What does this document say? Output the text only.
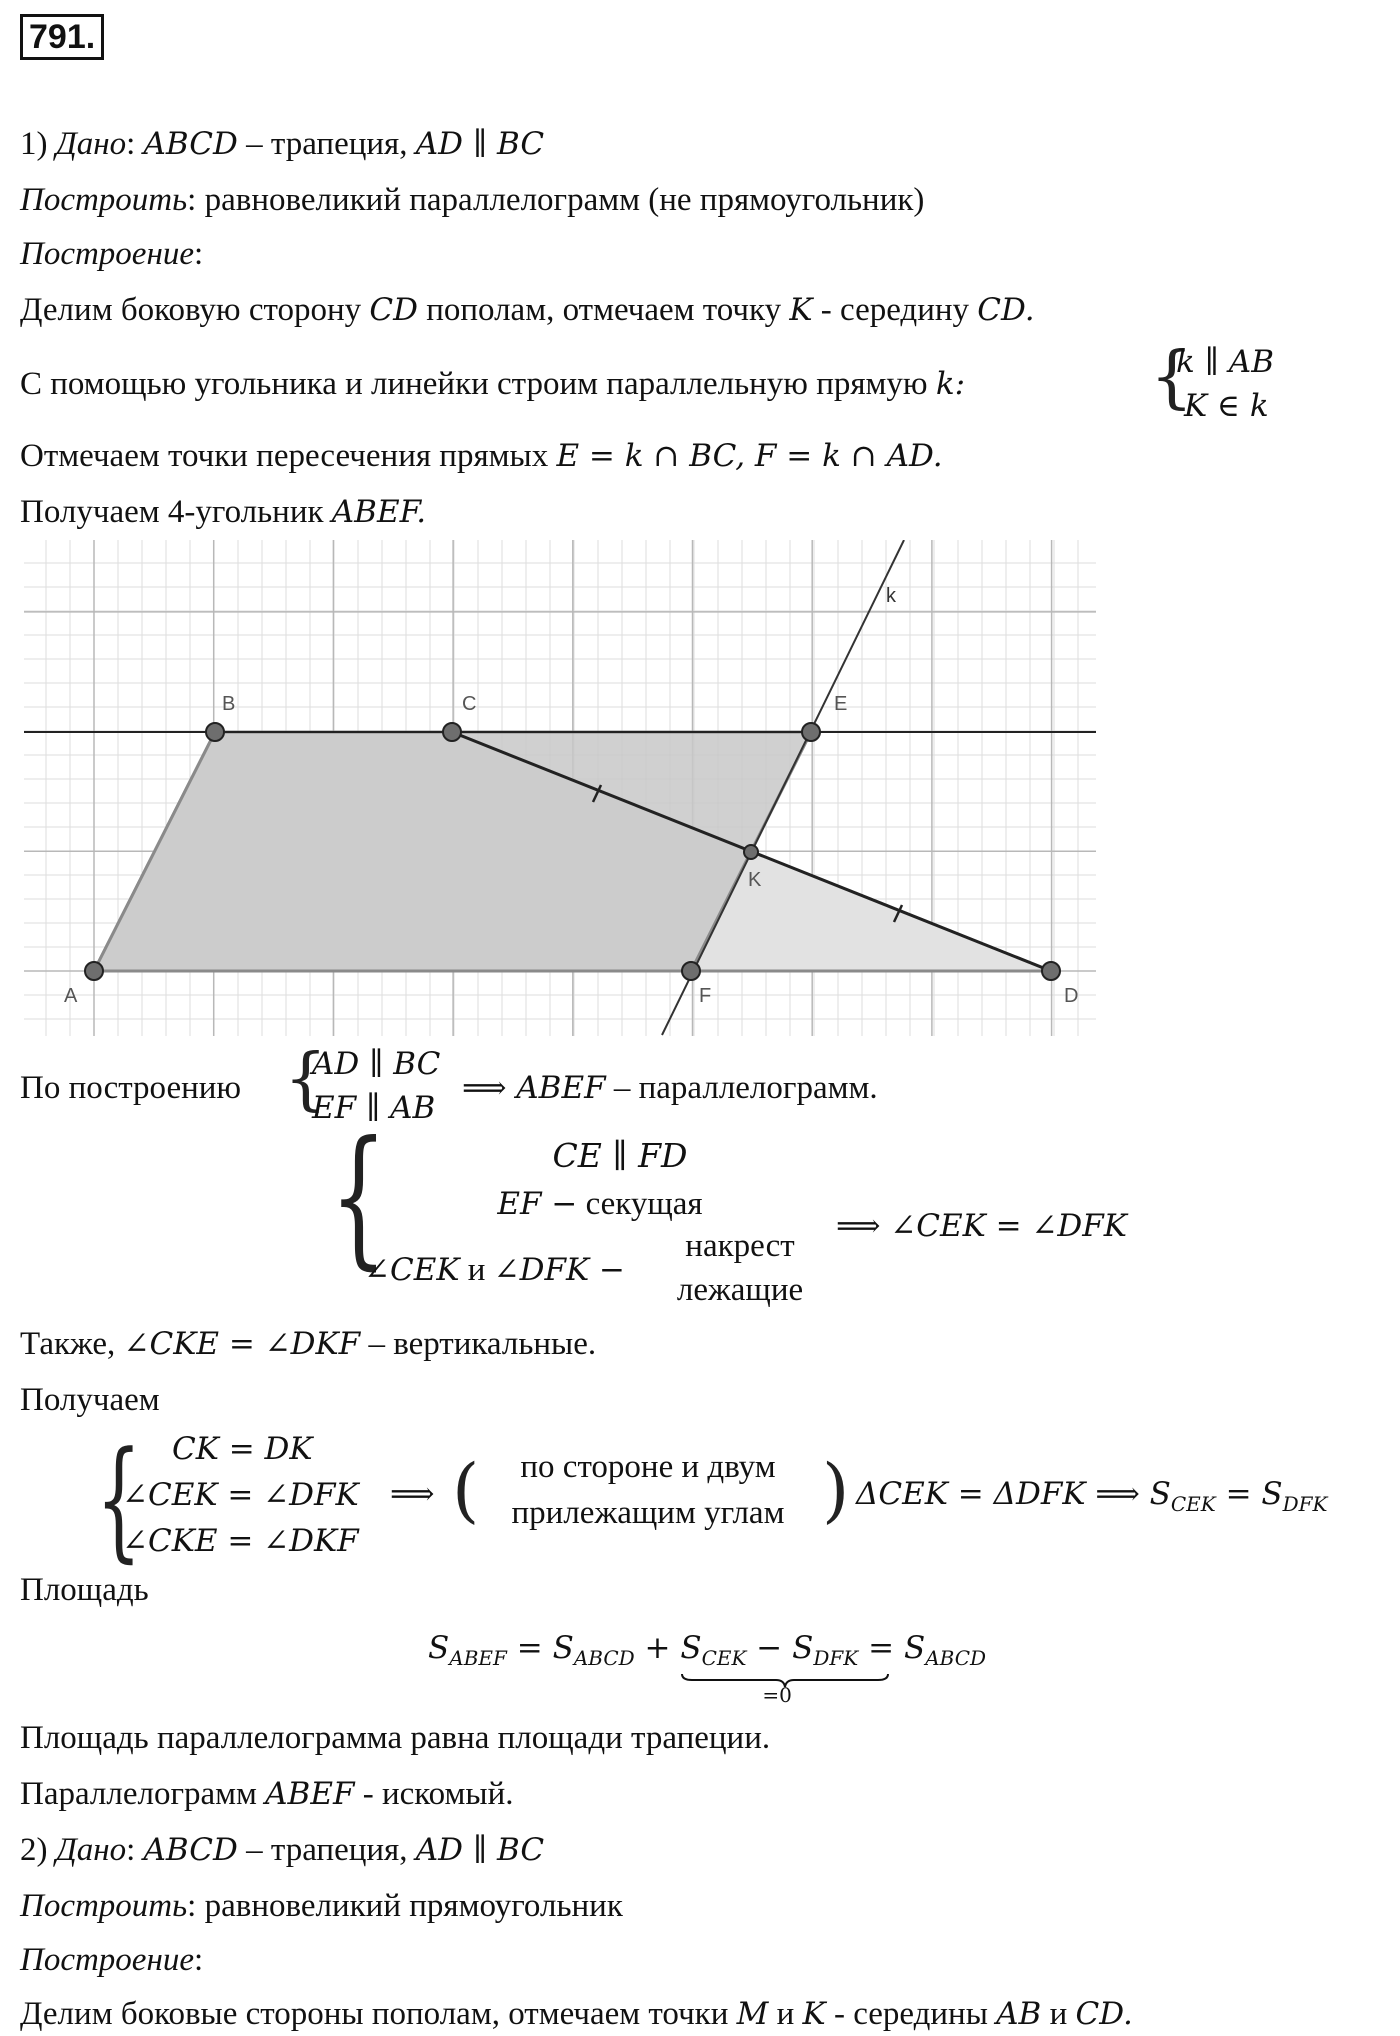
791.
1) Дано: ABCD – трапеция, AD ∥ BC
Построить: равновеликий параллелограмм (не прямоугольник)
Построение:
Делим боковую сторону CD пополам, отмечаем точку K - середину CD.
С помощью угольника и линейки строим параллельную прямую k:	{
k ∥ AB
K ∈ k
Отмечаем точки пересечения прямых E = k ∩ BC, F = k ∩ AD.
Получаем 4-угольник ABEF.
A
B	C
D
E
F
K
k
По построению {
AD ∥ BC
EF ∥ AB
⟹ ABEF – параллелограмм.
{	CE ∥ FD
EF − секущая
∠CEK и ∠DFK −
накрест
лежащие
⟹ ∠CEK = ∠DFK
Также, ∠CKE = ∠DKF – вертикальные.
Получаем
{ CK = DK
∠CEK = ∠DFK
∠CKE = ∠DKF
⟹ (	по стороне и двум
прилежащим углам ) ΔCEK = ΔDFK ⟹ $S_{CEK} = S_{DFK}$
Площадь
$S_{ABEF} = S_{ABCD} + S_{CEK} - S_{DFK}$
=0
= $S_{ABCD}$
Площадь параллелограмма равна площади трапеции.
Параллелограмм ABEF - искомый.
2) Дано: ABCD – трапеция, AD ∥ BC
Построить: равновеликий прямоугольник
Построение:
Делим боковые стороны пополам, отмечаем точки M и K - середины AB и CD.
